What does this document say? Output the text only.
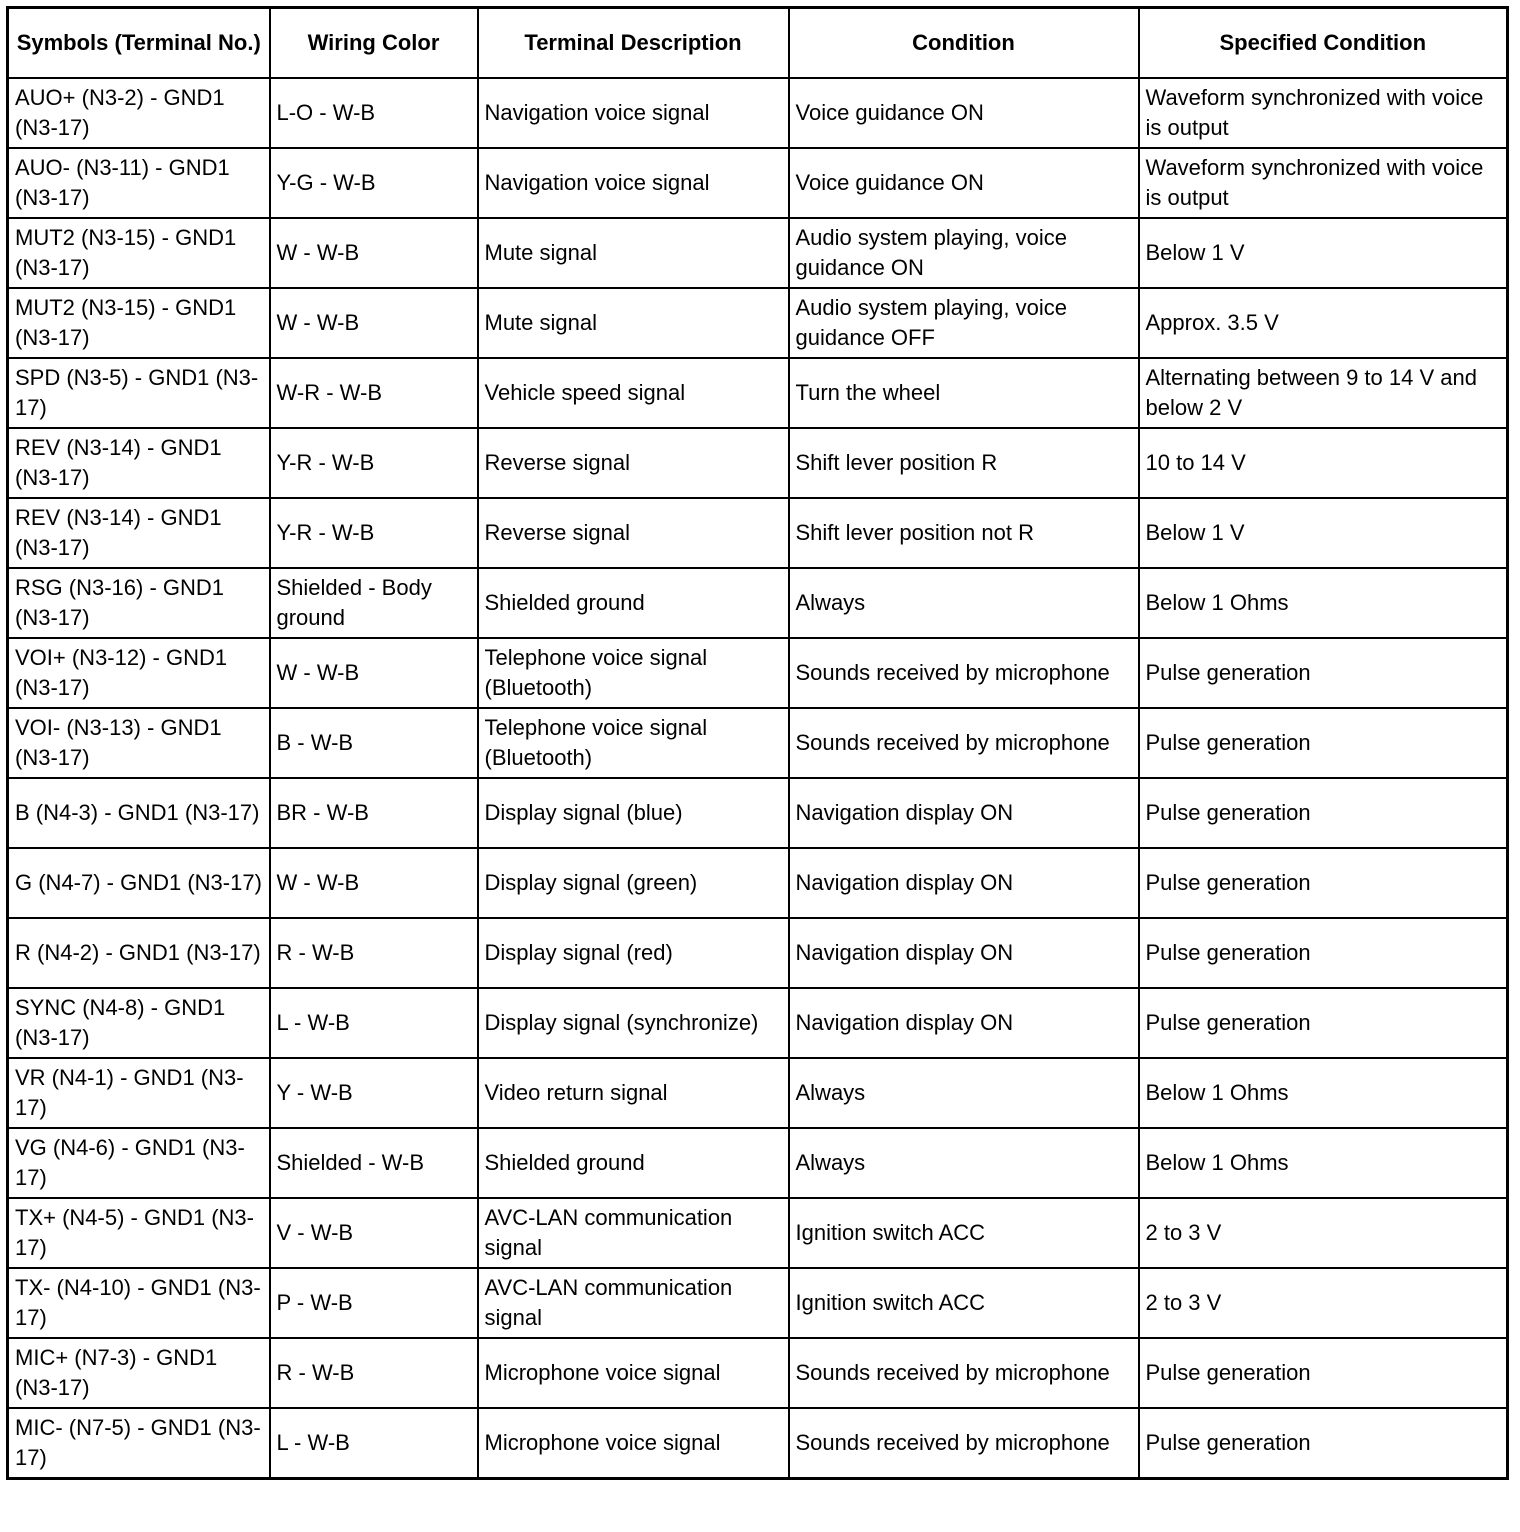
Symbols (Terminal No.)	Wiring Color	Terminal Description	Condition	Specified Condition
AUO+ (N3-2) - GND1 (N3-17)	L-O - W-B	Navigation voice signal	Voice guidance ON	Waveform synchronized with voice is output
AUO- (N3-11) - GND1 (N3-17)	Y-G - W-B	Navigation voice signal	Voice guidance ON	Waveform synchronized with voice is output
MUT2 (N3-15) - GND1 (N3-17)	W - W-B	Mute signal	Audio system playing, voice guidance ON	Below 1 V
MUT2 (N3-15) - GND1 (N3-17)	W - W-B	Mute signal	Audio system playing, voice guidance OFF	Approx. 3.5 V
SPD (N3-5) - GND1 (N3-17)	W-R - W-B	Vehicle speed signal	Turn the wheel	Alternating between 9 to 14 V and below 2 V
REV (N3-14) - GND1 (N3-17)	Y-R - W-B	Reverse signal	Shift lever position R	10 to 14 V
REV (N3-14) - GND1 (N3-17)	Y-R - W-B	Reverse signal	Shift lever position not R	Below 1 V
RSG (N3-16) - GND1 (N3-17)	Shielded - Body ground	Shielded ground	Always	Below 1 Ohms
VOI+ (N3-12) - GND1 (N3-17)	W - W-B	Telephone voice signal (Bluetooth)	Sounds received by microphone	Pulse generation
VOI- (N3-13) - GND1 (N3-17)	B - W-B	Telephone voice signal (Bluetooth)	Sounds received by microphone	Pulse generation
B (N4-3) - GND1 (N3-17)	BR - W-B	Display signal (blue)	Navigation display ON	Pulse generation
G (N4-7) - GND1 (N3-17)	W - W-B	Display signal (green)	Navigation display ON	Pulse generation
R (N4-2) - GND1 (N3-17)	R - W-B	Display signal (red)	Navigation display ON	Pulse generation
SYNC (N4-8) - GND1 (N3-17)	L - W-B	Display signal (synchronize)	Navigation display ON	Pulse generation
VR (N4-1) - GND1 (N3-17)	Y - W-B	Video return signal	Always	Below 1 Ohms
VG (N4-6) - GND1 (N3-17)	Shielded - W-B	Shielded ground	Always	Below 1 Ohms
TX+ (N4-5) - GND1 (N3-17)	V - W-B	AVC-LAN communication signal	Ignition switch ACC	2 to 3 V
TX- (N4-10) - GND1 (N3-17)	P - W-B	AVC-LAN communication signal	Ignition switch ACC	2 to 3 V
MIC+ (N7-3) - GND1 (N3-17)	R - W-B	Microphone voice signal	Sounds received by microphone	Pulse generation
MIC- (N7-5) - GND1 (N3-17)	L - W-B	Microphone voice signal	Sounds received by microphone	Pulse generation
